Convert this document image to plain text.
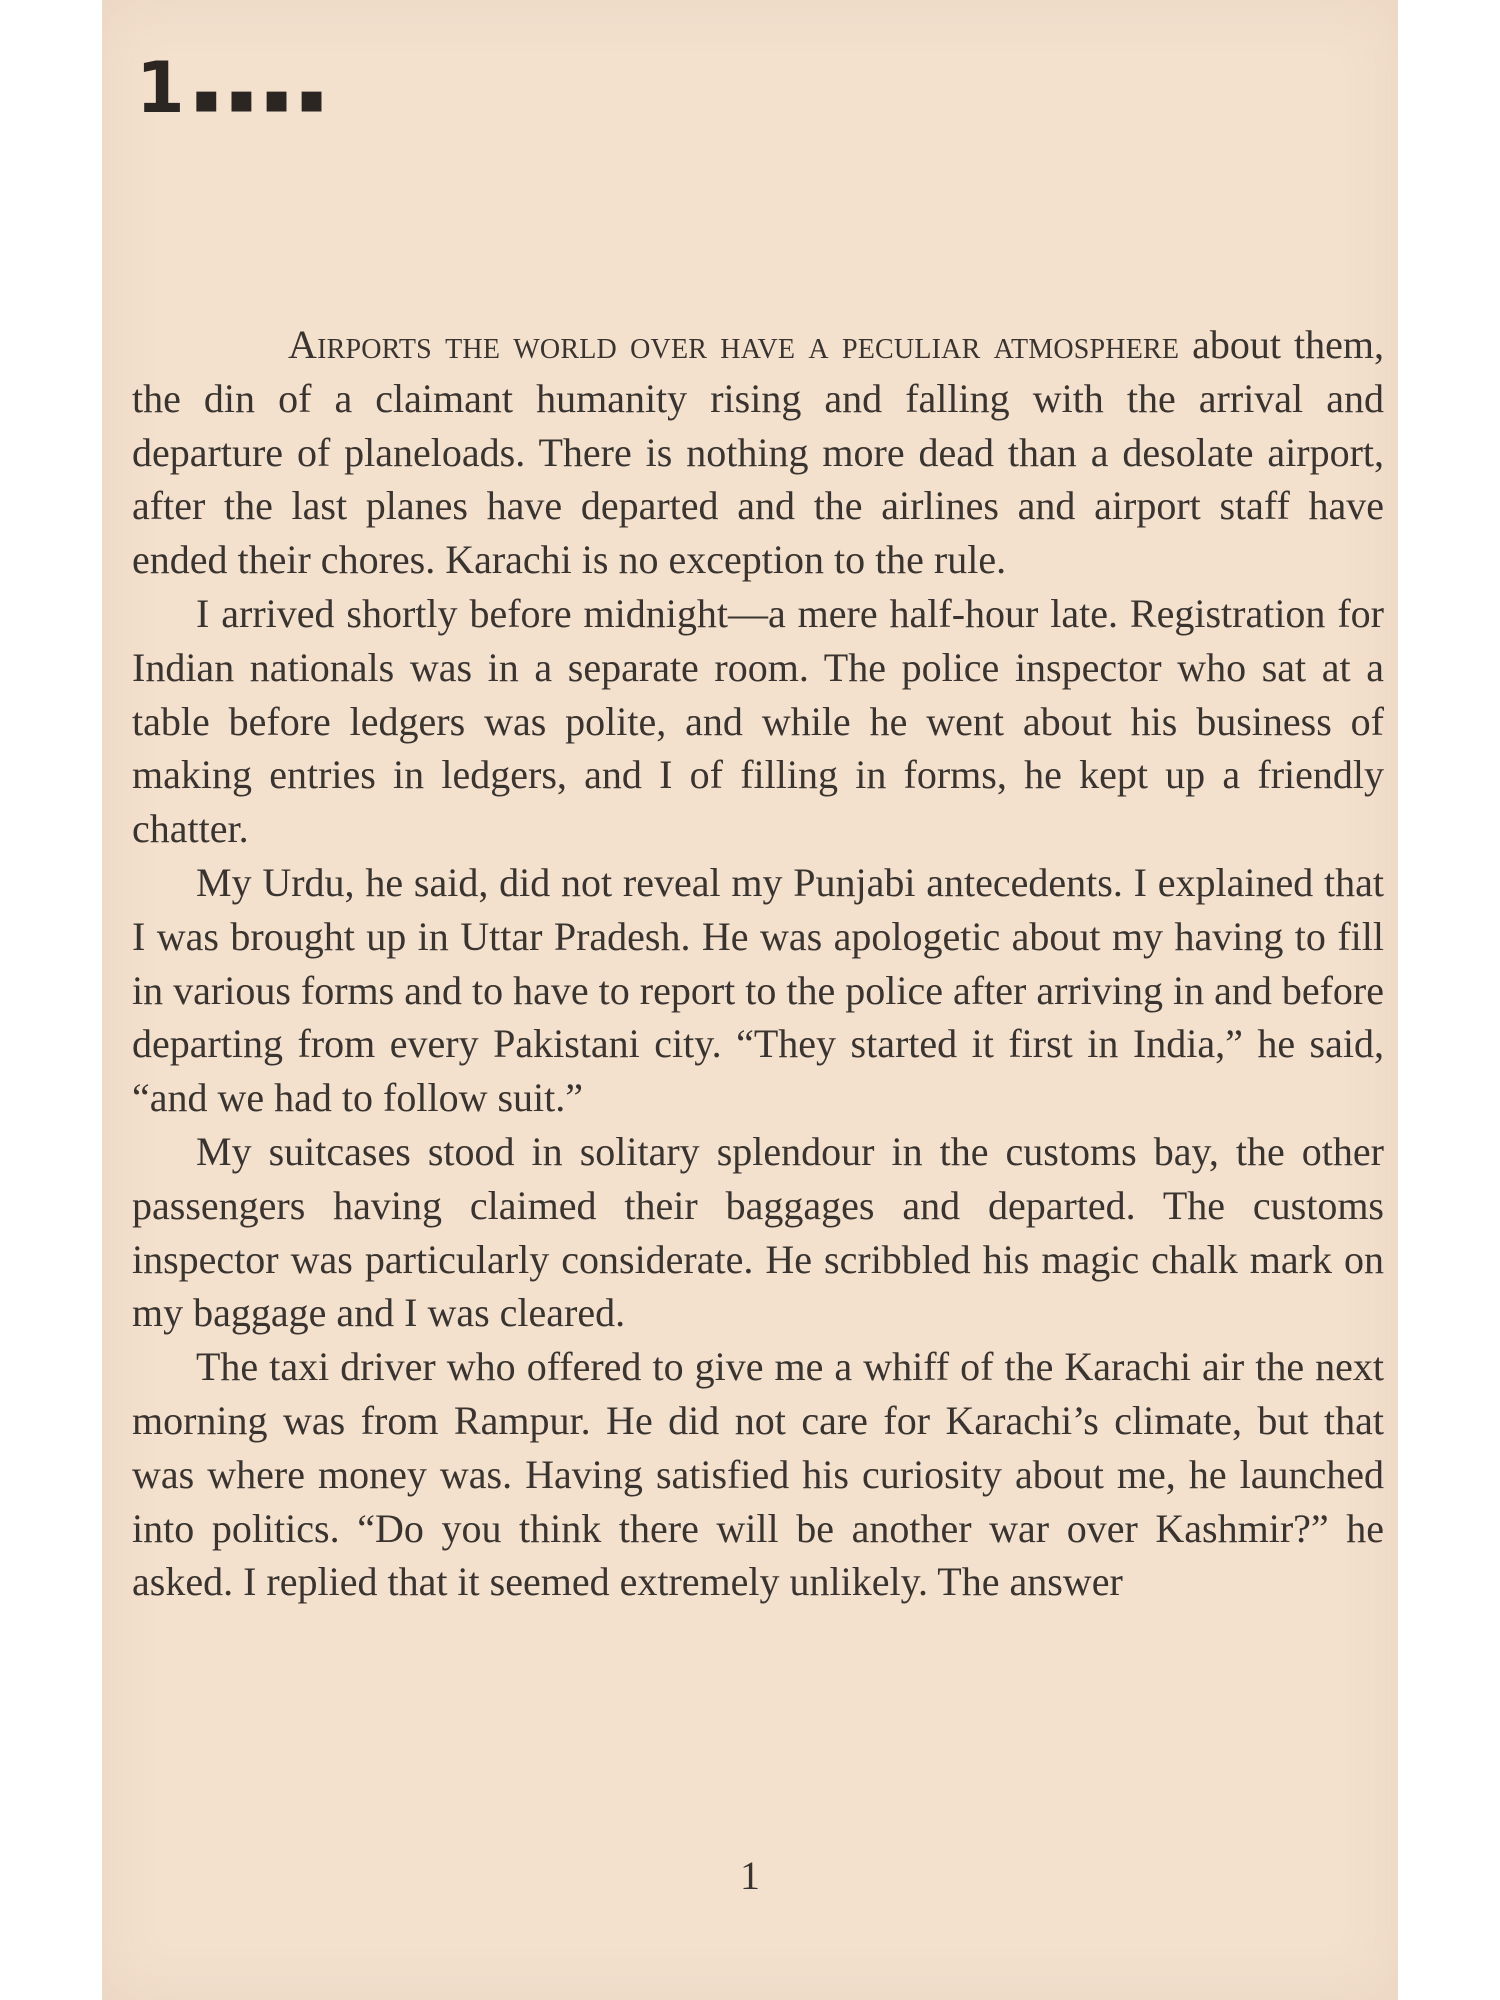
1 ▪▪▪▪

Airports the world over have a peculiar atmosphere about them, the din of a claimant humanity rising and falling with the arrival and departure of planeloads. There is nothing more dead than a desolate airport, after the last planes have departed and the airlines and airport staff have ended their chores. Karachi is no exception to the rule.

I arrived shortly before midnight—a mere half-hour late. Registration for Indian nationals was in a separate room. The police inspector who sat at a table before ledgers was polite, and while he went about his business of making entries in ledgers, and I of filling in forms, he kept up a friendly chatter.

My Urdu, he said, did not reveal my Punjabi antecedents. I explained that I was brought up in Uttar Pradesh. He was apologetic about my having to fill in various forms and to have to report to the police after arriving in and before departing from every Pakistani city. “They started it first in India,” he said, “and we had to follow suit.”

My suitcases stood in solitary splendour in the customs bay, the other passengers having claimed their baggages and departed. The customs inspector was particularly considerate. He scribbled his magic chalk mark on my baggage and I was cleared.

The taxi driver who offered to give me a whiff of the Karachi air the next morning was from Rampur. He did not care for Karachi’s climate, but that was where money was. Having satisfied his curiosity about me, he launched into politics. “Do you think there will be another war over Kashmir?” he asked. I replied that it seemed extremely unlikely. The answer

1
